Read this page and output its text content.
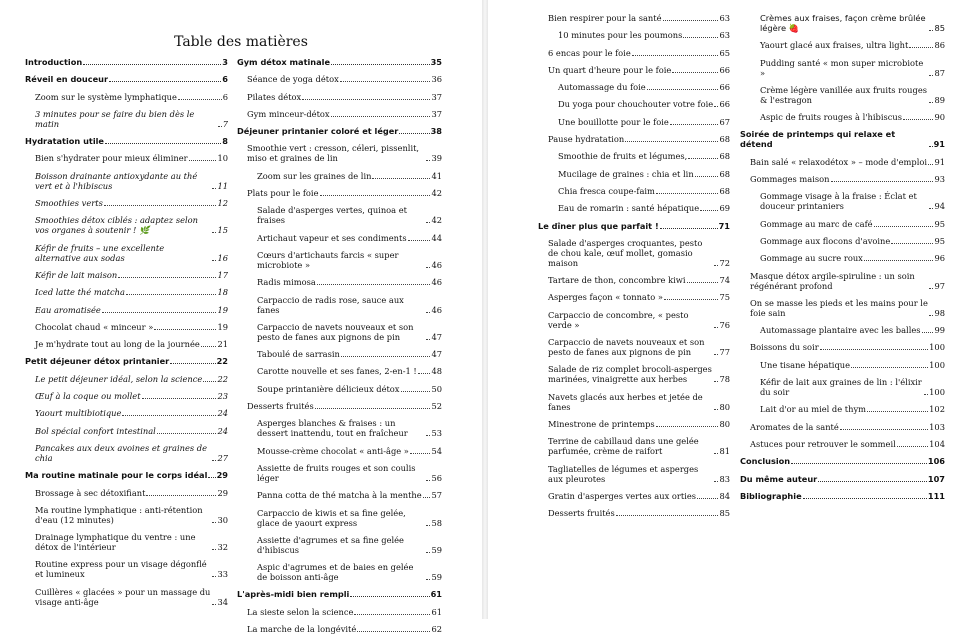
Table des matières
Introduction	3
Réveil en douceur	6
Zoom sur le système lymphatique	6
3 minutes pour se faire du bien dès le matin	7
Hydratation utile	8
Bien s'hydrater pour mieux éliminer	10
Boisson drainante antioxydante au thé vert et à l'hibiscus	11
Smoothies verts	12
Smoothies détox ciblés : adaptez selon vos organes à soutenir ! 🌿	15
Kéfir de fruits – une excellente alternative aux sodas	16
Kéfir de lait maison	17
Iced latte thé matcha	18
Eau aromatisée	19
Chocolat chaud « minceur »	19
Je m'hydrate tout au long de la journée 21
Petit déjeuner détox printanier	22
Le petit déjeuner idéal, selon la science 22
Œuf à la coque ou mollet	23
Yaourt multibiotique	24
Bol spécial confort intestinal	24
Pancakes aux deux avoines et graines de chia	27
Ma routine matinale pour le corps idéal 29
Brossage à sec détoxifiant	29
Ma routine lymphatique : anti-rétention d'eau (12 minutes)	30
Drainage lymphatique du ventre : une détox de l'intérieur	32
Routine express pour un visage dégonflé et lumineux	33
Cuillères « glacées » pour un massage du visage anti-âge	34
Gym détox matinale	35
Séance de yoga détox	36
Pilates détox	37
Gym minceur-détox	37
Déjeuner printanier coloré et léger	38
Smoothie vert : cresson, céleri, pissenlit, miso et graines de lin	39
Zoom sur les graines de lin	41
Plats pour le foie	42
Salade d'asperges vertes, quinoa et fraises	42
Artichaut vapeur et ses condiments	44
Cœurs d'artichauts farcis « super microbiote »	46
Radis mimosa	46
Carpaccio de radis rose, sauce aux fanes	46
Carpaccio de navets nouveaux et son pesto de fanes aux pignons de pin	47
Taboulé de sarrasin	47
Carotte nouvelle et ses fanes, 2-en-1 ! 48
Soupe printanière délicieux détox	50
Desserts fruités	52
Asperges blanches & fraises : un dessert inattendu, tout en fraîcheur	53
Mousse-crème chocolat « anti-âge »	54
Assiette de fruits rouges et son coulis léger	56
Panna cotta de thé matcha à la menthe 57
Carpaccio de kiwis et sa fine gelée, glace de yaourt express	58
Assiette d'agrumes et sa fine gelée d'hibiscus	59
Aspic d'agrumes et de baies en gelée de boisson anti-âge	59
L'après-midi bien rempli	61
La sieste selon la science	61
La marche de la longévité	62
Bien respirer pour la santé	63
10 minutes pour les poumons	63
6 encas pour le foie	65
Un quart d'heure pour le foie	66
Automassage du foie	66
Du yoga pour chouchouter votre foie 66
Une bouillotte pour le foie	67
Pause hydratation	68
Smoothie de fruits et légumes,	68
Mucilage de graines : chia et lin	68
Chia fresca coupe-faim	68
Eau de romarin : santé hépatique 69
Le dîner plus que parfait !	71
Salade d'asperges croquantes, pesto de chou kale, œuf mollet, gomasio maison	72
Tartare de thon, concombre kiwi	74
Asperges façon « tonnato »	75
Carpaccio de concombre, « pesto verde »	76
Carpaccio de navets nouveaux et son pesto de fanes aux pignons de pin	77
Salade de riz complet brocoli-asperges marinées, vinaigrette aux herbes	78
Navets glacés aux herbes et jetée de fanes	80
Minestrone de printemps	80
Terrine de cabillaud dans une gelée parfumée, crème de raifort	81
Tagliatelles de légumes et asperges aux pleurotes	83
Gratin d'asperges vertes aux orties	84
Desserts fruités	85
Crèmes aux fraises, façon crème brûlée légère 🍓	85
Yaourt glacé aux fraises, ultra light	86
Pudding santé « mon super microbiote »	87
Crème légère vanillée aux fruits rouges & l'estragon	89
Aspic de fruits rouges à l'hibiscus	90
Soirée de printemps qui relaxe et détend	91
Bain salé « relaxodétox » – mode d'emploi 91
Gommages maison	93
Gommage visage à la fraise : Éclat et douceur printaniers	94
Gommage au marc de café	95
Gommage aux flocons d'avoine	95
Gommage au sucre roux	96
Masque détox argile-spiruline : un soin régénérant profond	97
On se masse les pieds et les mains pour le foie sain	98
Automassage plantaire avec les balles 99
Boissons du soir	100
Une tisane hépatique	100
Kéfir de lait aux graines de lin : l'élixir du soir	100
Lait d'or au miel de thym	102
Aromates de la santé	103
Astuces pour retrouver le sommeil	104
Conclusion	106
Du même auteur	107
Bibliographie	111
